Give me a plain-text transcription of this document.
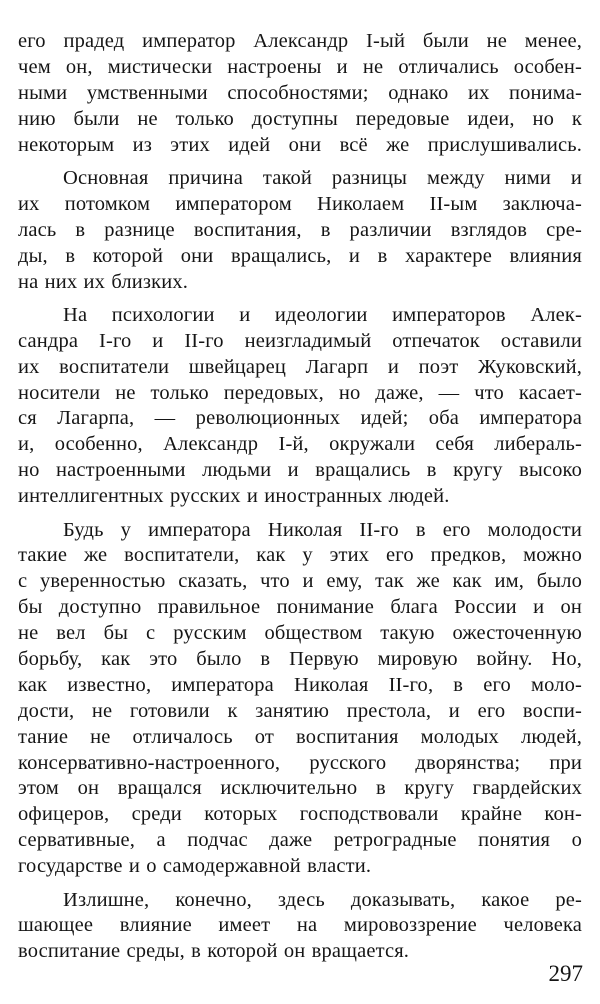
его прадед император Александр I-ый были не менее,
чем он, мистически настроены и не отличались особен-
ными умственными способностями; однако их понима-
нию были не только доступны передовые идеи, но к
некоторым из этих идей они всё же прислушивались.
Основная причина такой разницы между ними и
их потомком императором Николаем II-ым заключа-
лась в разнице воспитания, в различии взглядов сре-
ды, в которой они вращались, и в характере влияния
на них их близких.
На психологии и идеологии императоров Алек-
сандра I-го и II-го неизгладимый отпечаток оставили
их воспитатели швейцарец Лагарп и поэт Жуковский,
носители не только передовых, но даже, — что касает-
ся Лагарпа, — революционных идей; оба императора
и, особенно, Александр I-й, окружали себя либераль-
но настроенными людьми и вращались в кругу высоко
интеллигентных русских и иностранных людей.
Будь у императора Николая II-го в его молодости
такие же воспитатели, как у этих его предков, можно
с уверенностью сказать, что и ему, так же как им, было
бы доступно правильное понимание блага России и он
не вел бы с русским обществом такую ожесточенную
борьбу, как это было в Первую мировую войну. Но,
как известно, императора Николая II-го, в его моло-
дости, не готовили к занятию престола, и его воспи-
тание не отличалось от воспитания молодых людей,
консервативно-настроенного, русского дворянства; при
этом он вращался исключительно в кругу гвардейских
офицеров, среди которых господствовали крайне кон-
сервативные, а подчас даже ретроградные понятия о
государстве и о самодержавной власти.
Излишне, конечно, здесь доказывать, какое ре-
шающее влияние имеет на мировоззрение человека
воспитание среды, в которой он вращается.
297
